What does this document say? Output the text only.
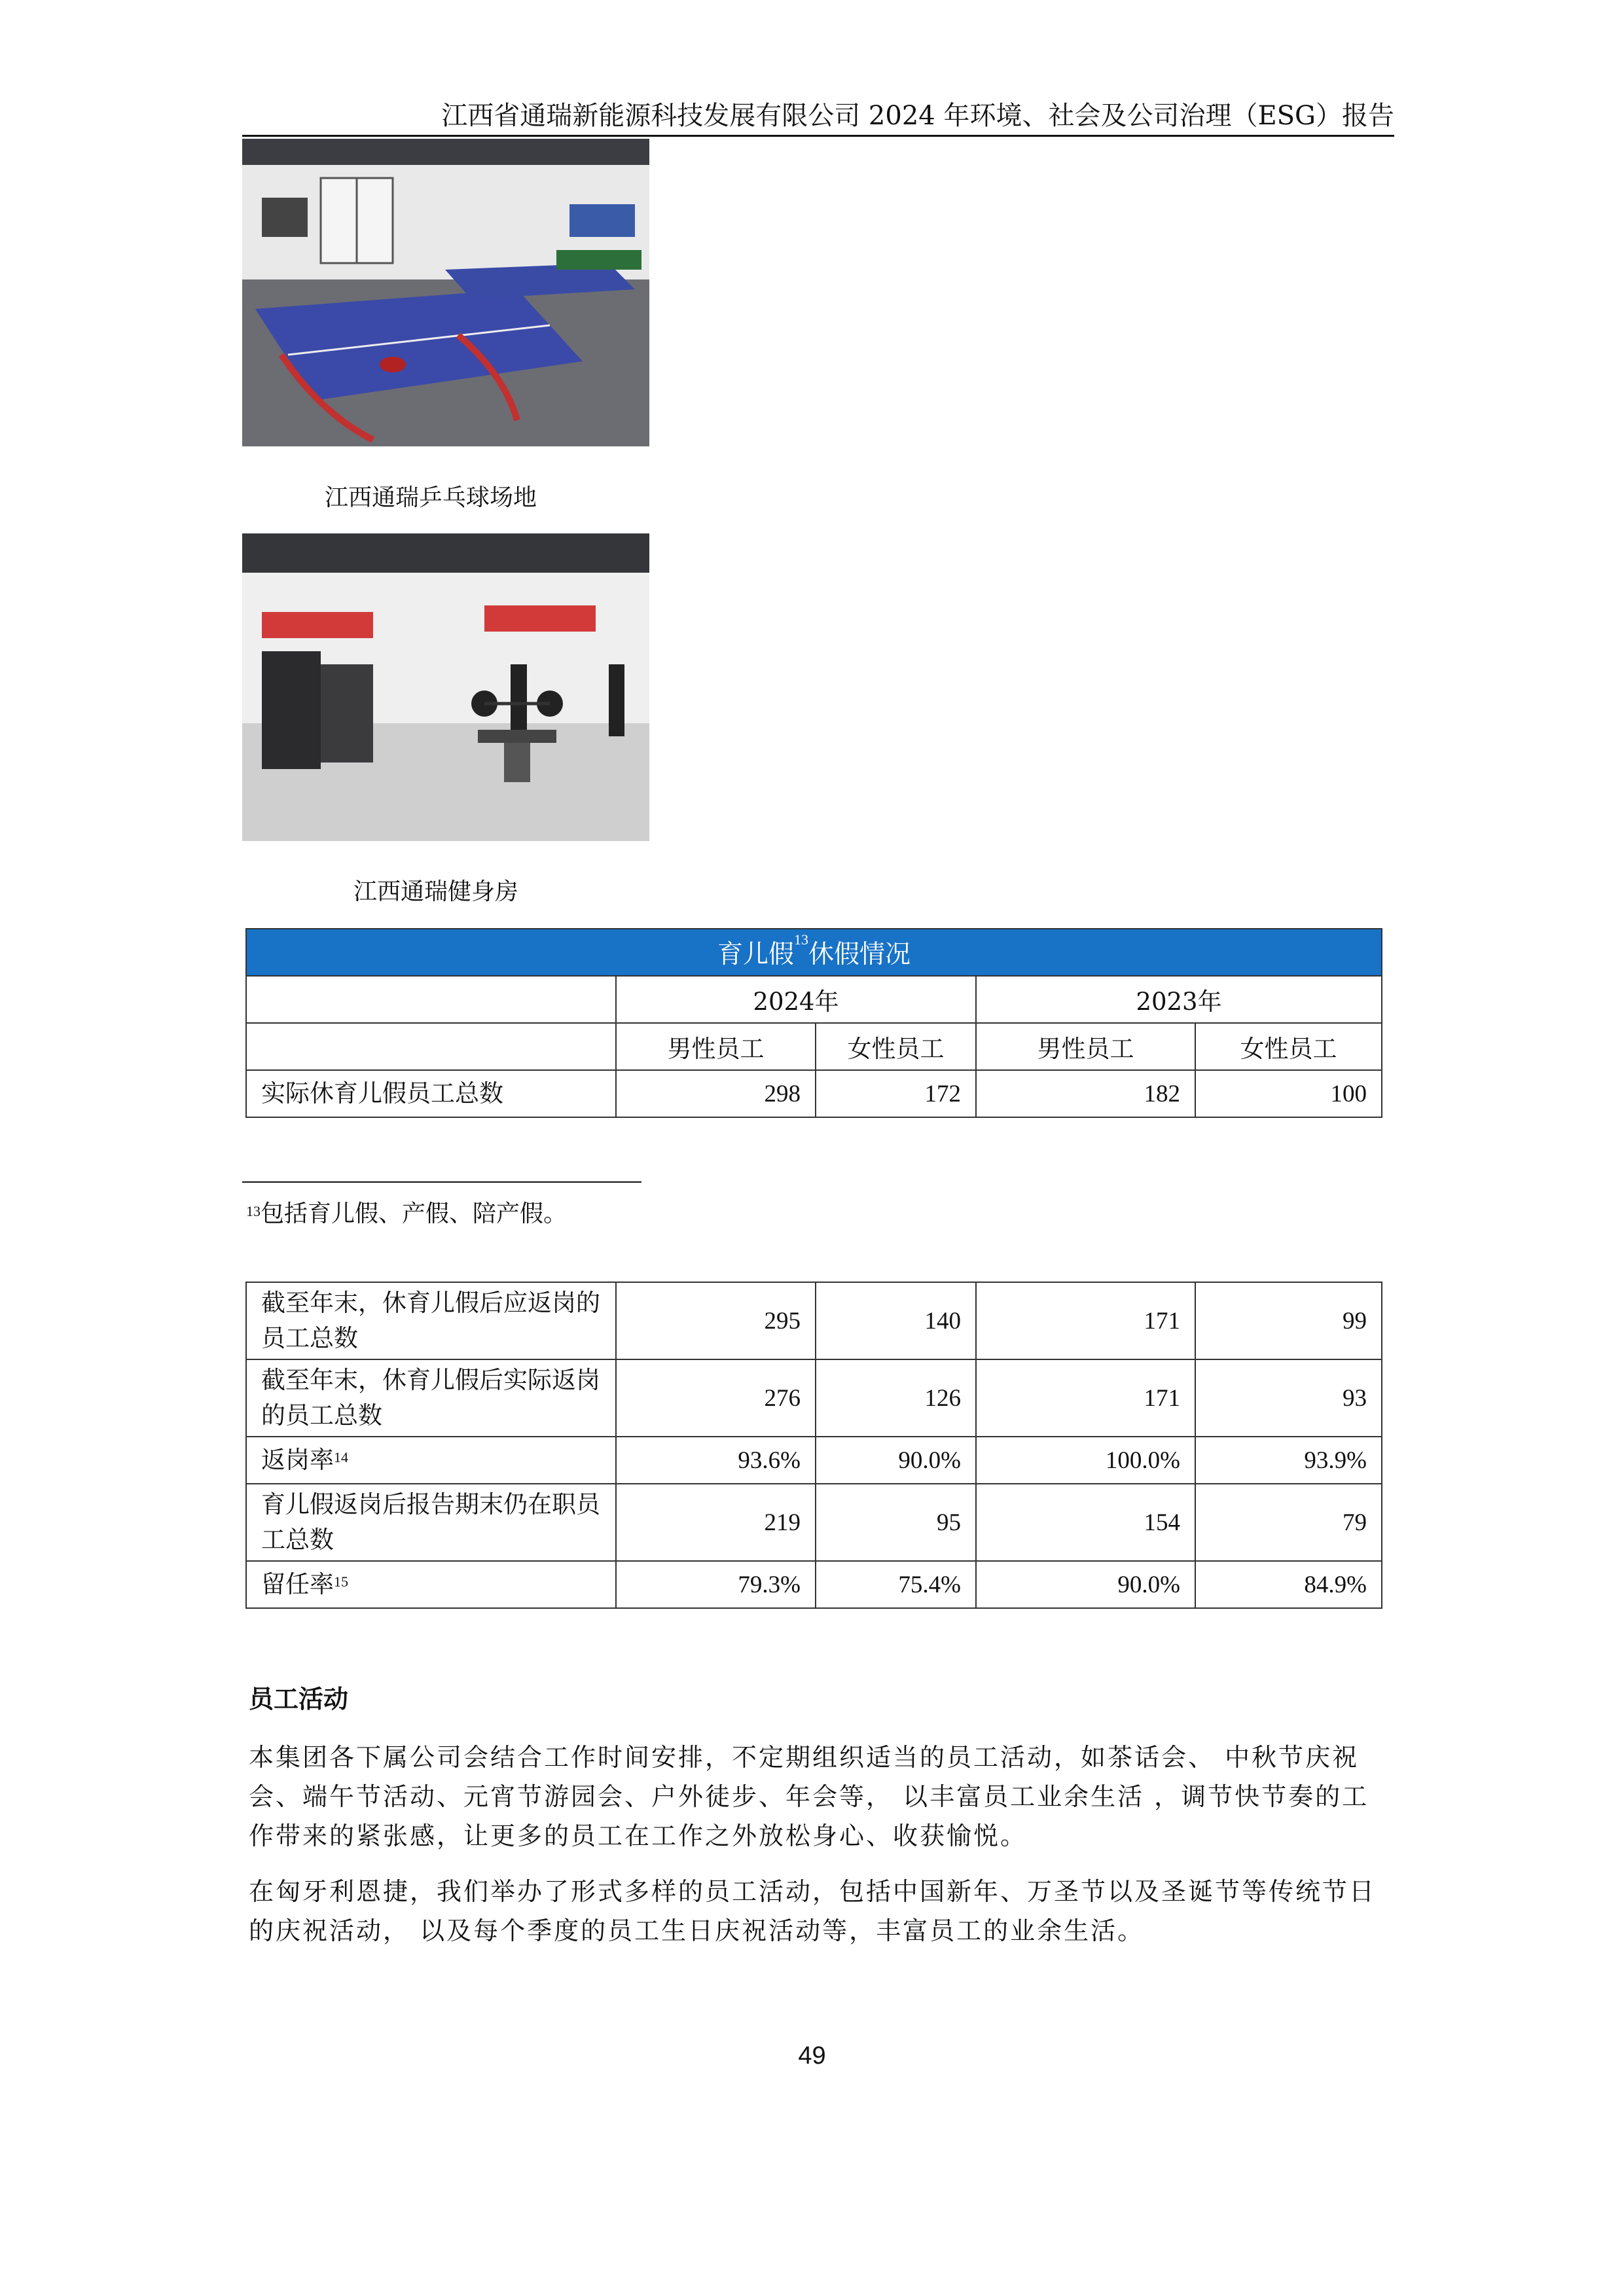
江西省通瑞新能源科技发展有限公司 2024 年环境、社会及公司治理（ESG）报告
江西通瑞乒乓球场地
江西通瑞健身房
育儿假$^{13}$休假情况				
	2024年		2023年	
	男性员工	女性员工	男性员工	女性员工
实际休育儿假员工总数	298	172	182	100
$^{13}$包括育儿假、产假、陪产假。
截至年末，休育儿假后应返岗的员工总数	295	140	171	99
截至年末，休育儿假后实际返岗的员工总数	276	126	171	93
返岗率$^{14}$	93.6%	90.0%	100.0%	93.9%
育儿假返岗后报告期末仍在职员工总数	219	95	154	79
留任率$^{15}$	79.3%	75.4%	90.0%	84.9%
员工活动
本集团各下属公司会结合工作时间安排，不定期组织适当的员工活动，如茶话会、 中秋节庆祝会、端午节活动、元宵节游园会、户外徒步、年会等， 以丰富员工业余生活 ，调节快节奏的工作带来的紧张感，让更多的员工在工作之外放松身心、收获愉悦。
在匈牙利恩捷，我们举办了形式多样的员工活动，包括中国新年、万圣节以及圣诞节等传统节日的庆祝活动， 以及每个季度的员工生日庆祝活动等，丰富员工的业余生活。
49
